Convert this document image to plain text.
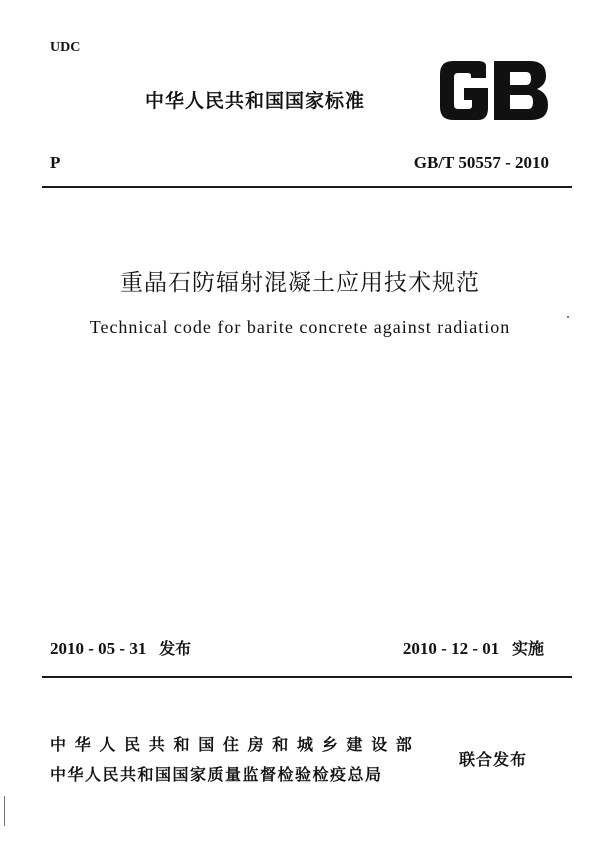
UDC
中华人民共和国国家标准
P	GB/T 50557 - 2010
重晶石防辐射混凝土应用技术规范
Technical code for barite concrete against radiation
2010 - 05 - 31 发布	2010 - 12 - 01 实施
中华人民共和国住房和城乡建设部
中华人民共和国国家质量监督检验检疫总局
联合发布
